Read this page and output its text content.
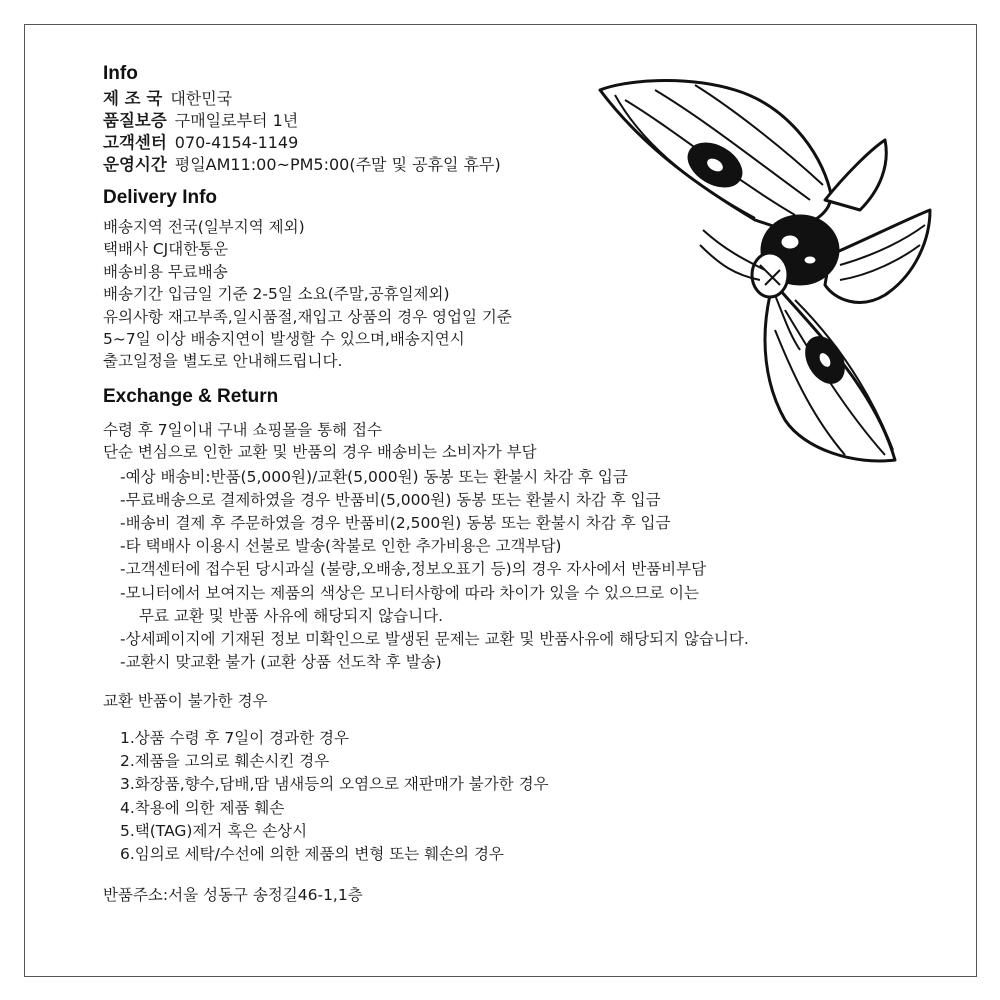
Info
제 조 국 대한민국
품질보증 구매일로부터 1년
고객센터 070-4154-1149
운영시간 평일AM11:00~PM5:00(주말 및 공휴일 휴무)
Delivery Info
배송지역 전국(일부지역 제외)
택배사 CJ대한통운
배송비용 무료배송
배송기간 입금일 기준 2-5일 소요(주말,공휴일제외)
유의사항 재고부족,일시품절,재입고 상품의 경우 영업일 기준
5~7일 이상 배송지연이 발생할 수 있으며,배송지연시
출고일정을 별도로 안내해드립니다.
Exchange & Return
수령 후 7일이내 구내 쇼핑몰을 통해 접수
단순 변심으로 인한 교환 및 반품의 경우 배송비는 소비자가 부담
-예상 배송비:반품(5,000원)/교환(5,000원) 동봉 또는 환불시 차감 후 입금
-무료배송으로 결제하였을 경우 반품비(5,000원) 동봉 또는 환불시 차감 후 입금
-배송비 결제 후 주문하였을 경우 반품비(2,500원) 동봉 또는 환불시 차감 후 입금
-타 택배사 이용시 선불로 발송(착불로 인한 추가비용은 고객부담)
-고객센터에 접수된 당시과실 (불량,오배송,정보오표기 등)의 경우 자사에서 반품비부담
-모니터에서 보여지는 제품의 색상은 모니터사항에 따라 차이가 있을 수 있으므로 이는
무료 교환 및 반품 사유에 해당되지 않습니다.
-상세페이지에 기재된 정보 미확인으로 발생된 문제는 교환 및 반품사유에 해당되지 않습니다.
-교환시 맞교환 불가 (교환 상품 선도착 후 발송)
교환 반품이 불가한 경우
1.상품 수령 후 7일이 경과한 경우
2.제품을 고의로 훼손시킨 경우
3.화장품,향수,담배,땀 냄새등의 오염으로 재판매가 불가한 경우
4.착용에 의한 제품 훼손
5.택(TAG)제거 혹은 손상시
6.임의로 세탁/수선에 의한 제품의 변형 또는 훼손의 경우
반품주소:서울 성동구 송정길46-1,1층
